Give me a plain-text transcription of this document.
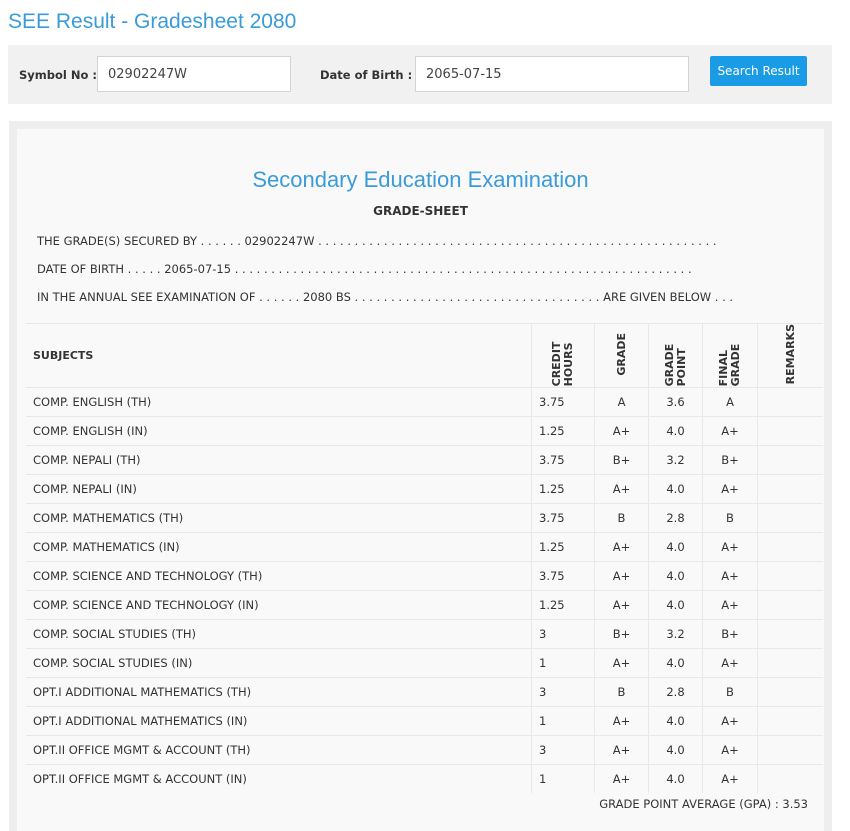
SEE Result - Gradesheet 2080
Symbol No :
02902247W	Date of Birth :
2065-07-15	Search Result
Secondary Education Examination
GRADE-SHEET
THE GRADE(S) SECURED BY . . . . . . 02902247W . . . . . . . . . . . . . . . . . . . . . . . . . . . . . . . . . . . . . . . . . . . . . . . . . . . . . . .
DATE OF BIRTH . . . . . 2065-07-15 . . . . . . . . . . . . . . . . . . . . . . . . . . . . . . . . . . . . . . . . . . . . . . . . . . . . . . . . . . . . . . .
IN THE ANNUAL SEE EXAMINATION OF . . . . . . 2080 BS . . . . . . . . . . . . . . . . . . . . . . . . . . . . . . . . . . ARE GIVEN BELOW . . .
SUBJECTS	CREDIT HOURS	GRADE	GRADE POINT	FINAL GRADE	REMARKS
COMP. ENGLISH (TH)	3.75	A	3.6	A	
COMP. ENGLISH (IN)	1.25	A+	4.0	A+	
COMP. NEPALI (TH)	3.75	B+	3.2	B+	
COMP. NEPALI (IN)	1.25	A+	4.0	A+	
COMP. MATHEMATICS (TH)	3.75	B	2.8	B	
COMP. MATHEMATICS (IN)	1.25	A+	4.0	A+	
COMP. SCIENCE AND TECHNOLOGY (TH)	3.75	A+	4.0	A+	
COMP. SCIENCE AND TECHNOLOGY (IN)	1.25	A+	4.0	A+	
COMP. SOCIAL STUDIES (TH)	3	B+	3.2	B+	
COMP. SOCIAL STUDIES (IN)	1	A+	4.0	A+	
OPT.I ADDITIONAL MATHEMATICS (TH)	3	B	2.8	B	
OPT.I ADDITIONAL MATHEMATICS (IN)	1	A+	4.0	A+	
OPT.II OFFICE MGMT & ACCOUNT (TH)	3	A+	4.0	A+	
OPT.II OFFICE MGMT & ACCOUNT (IN)	1	A+	4.0	A+	
GRADE POINT AVERAGE (GPA) : 3.53
